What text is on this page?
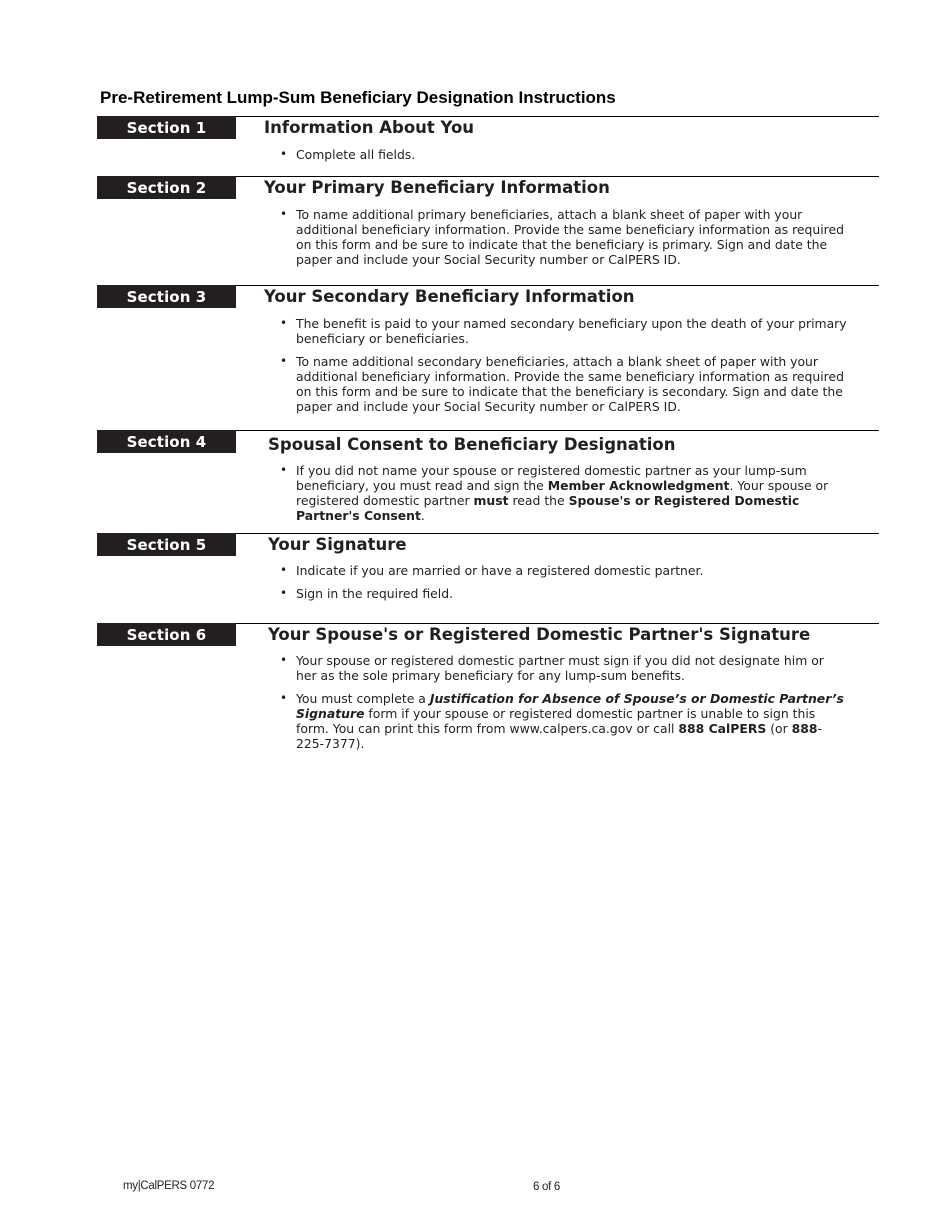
Pre-Retirement Lump-Sum Beneficiary Designation Instructions
Section 1	Information About You
• Complete all fields.
Section 2	Your Primary Beneficiary Information
• To name additional primary beneficiaries, attach a blank sheet of paper with your additional beneficiary information. Provide the same beneficiary information as required on this form and be sure to indicate that the beneficiary is primary. Sign and date the paper and include your Social Security number or CalPERS ID.
Section 3	Your Secondary Beneficiary Information
• The benefit is paid to your named secondary beneficiary upon the death of your primary beneficiary or beneficiaries.
• To name additional secondary beneficiaries, attach a blank sheet of paper with your additional beneficiary information. Provide the same beneficiary information as required on this form and be sure to indicate that the beneficiary is secondary. Sign and date the paper and include your Social Security number or CalPERS ID.
Section 4	Spousal Consent to Beneficiary Designation
• If you did not name your spouse or registered domestic partner as your lump-sum beneficiary, you must read and sign the Member Acknowledgment. Your spouse or registered domestic partner must read the Spouse's or Registered Domestic Partner's Consent.
Section 5	Your Signature
• Indicate if you are married or have a registered domestic partner.
• Sign in the required field.
Section 6	Your Spouse's or Registered Domestic Partner's Signature
• Your spouse or registered domestic partner must sign if you did not designate him or her as the sole primary beneficiary for any lump-sum benefits.
• You must complete a Justification for Absence of Spouse’s or Domestic Partner’s Signature form if your spouse or registered domestic partner is unable to sign this form. You can print this form from www.calpers.ca.gov or call 888 CalPERS (or 888-225-7377).
my|CalPERS 0772	6 of 6
